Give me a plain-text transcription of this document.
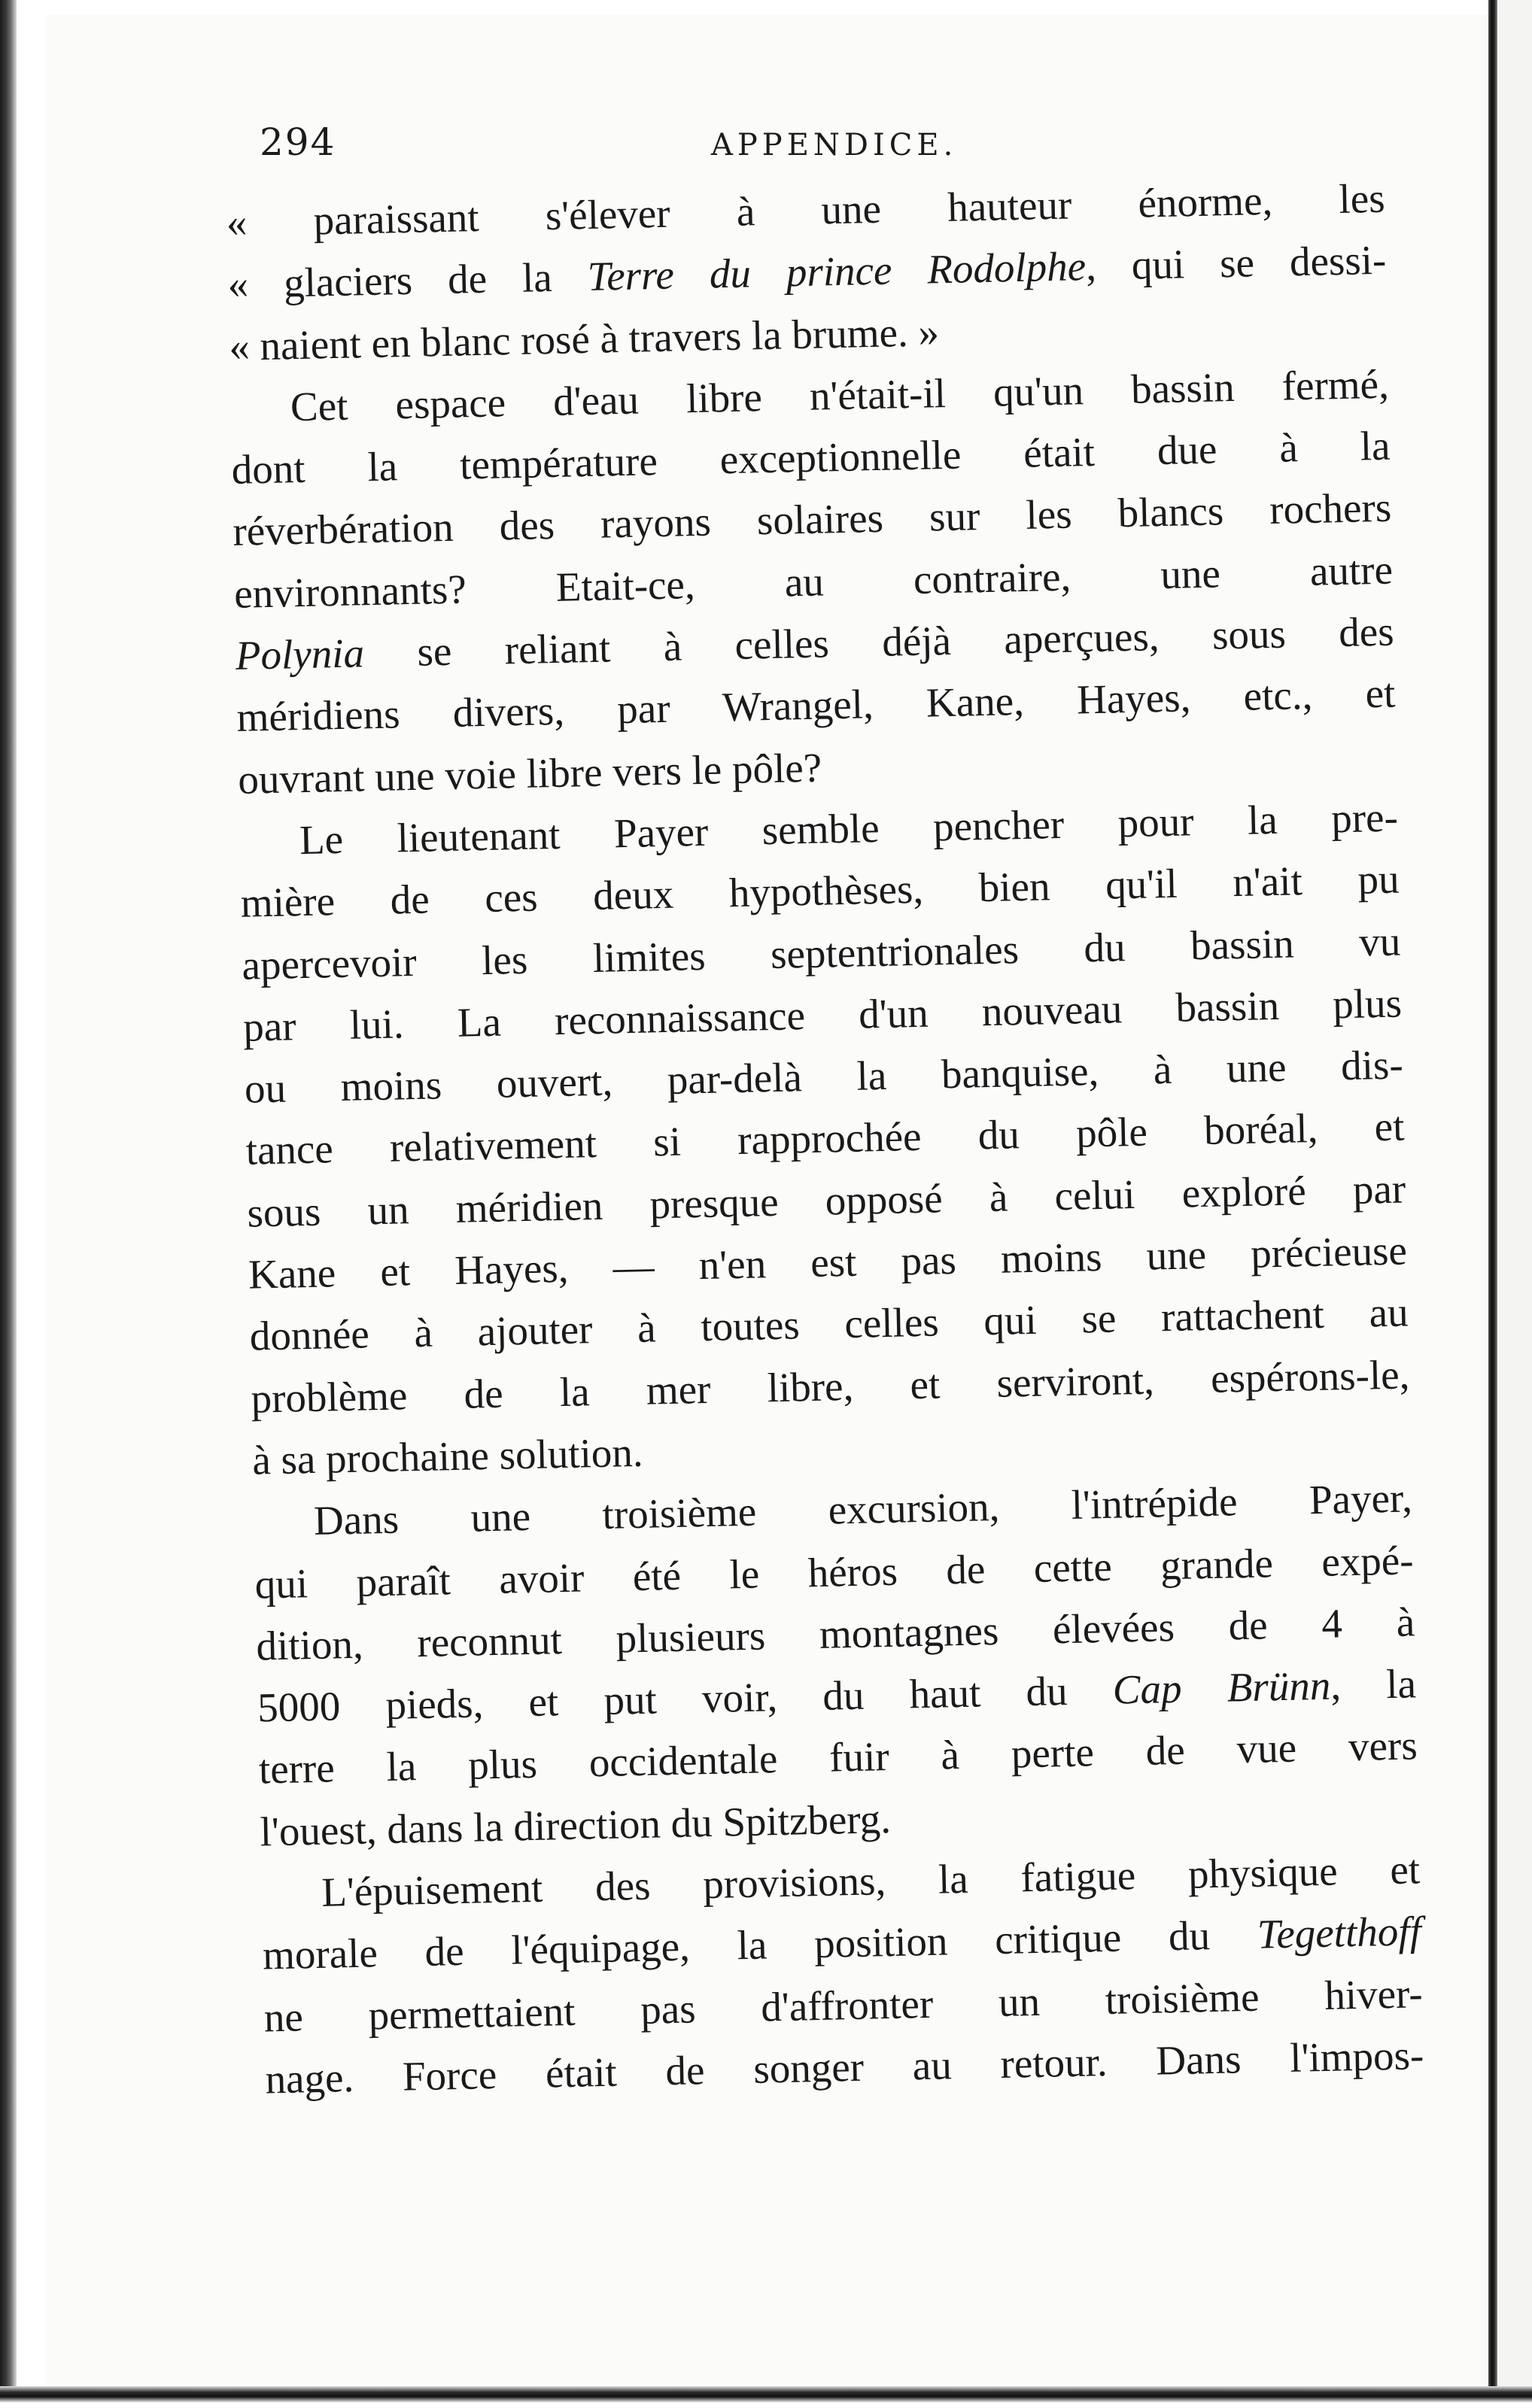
294	APPENDICE.

« paraissant s'élever à une hauteur énorme, les
« glaciers de la Terre du prince Rodolphe, qui se dessi-
« naient en blanc rosé à travers la brume. »

Cet espace d'eau libre n'était-il qu'un bassin fermé,
dont la température exceptionnelle était due à la
réverbération des rayons solaires sur les blancs rochers
environnants? Etait-ce, au contraire, une autre
Polynia se reliant à celles déjà aperçues, sous des
méridiens divers, par Wrangel, Kane, Hayes, etc., et
ouvrant une voie libre vers le pôle?

Le lieutenant Payer semble pencher pour la pre-
mière de ces deux hypothèses, bien qu'il n'ait pu
apercevoir les limites septentrionales du bassin vu
par lui. La reconnaissance d'un nouveau bassin plus
ou moins ouvert, par-delà la banquise, à une dis-
tance relativement si rapprochée du pôle boréal, et
sous un méridien presque opposé à celui exploré par
Kane et Hayes, — n'en est pas moins une précieuse
donnée à ajouter à toutes celles qui se rattachent au
problème de la mer libre, et serviront, espérons-le,
à sa prochaine solution.

Dans une troisième excursion, l'intrépide Payer,
qui paraît avoir été le héros de cette grande expé-
dition, reconnut plusieurs montagnes élevées de 4 à
5000 pieds, et put voir, du haut du Cap Brünn, la
terre la plus occidentale fuir à perte de vue vers
l'ouest, dans la direction du Spitzberg.

L'épuisement des provisions, la fatigue physique et
morale de l'équipage, la position critique du Tegetthoff
ne permettaient pas d'affronter un troisième hiver-
nage. Force était de songer au retour. Dans l'impos-
